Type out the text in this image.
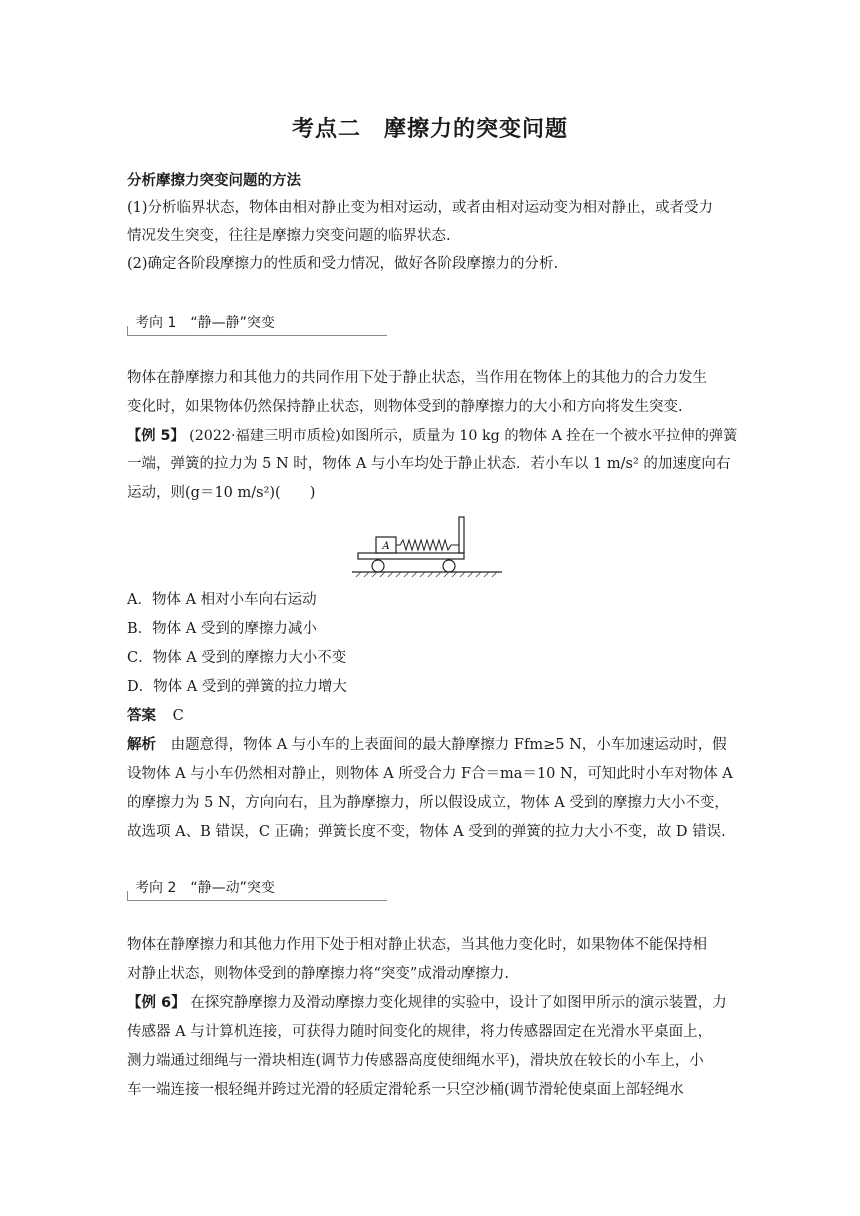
考点二　摩擦力的突变问题
分析摩擦力突变问题的方法
(1)分析临界状态，物体由相对静止变为相对运动，或者由相对运动变为相对静止，或者受力
情况发生突变，往往是摩擦力突变问题的临界状态.
(2)确定各阶段摩擦力的性质和受力情况，做好各阶段摩擦力的分析.
考向 1　“静—静”突变
物体在静摩擦力和其他力的共同作用下处于静止状态，当作用在物体上的其他力的合力发生
变化时，如果物体仍然保持静止状态，则物体受到的静摩擦力的大小和方向将发生突变.
【例 5】 (2022·福建三明市质检)如图所示，质量为 10 kg 的物体 A 拴在一个被水平拉伸的弹簧
一端，弹簧的拉力为 5 N 时，物体 A 与小车均处于静止状态．若小车以 1 m/s² 的加速度向右
运动，则(g＝10 m/s²)(　　)
A
A．物体 A 相对小车向右运动
B．物体 A 受到的摩擦力减小
C．物体 A 受到的摩擦力大小不变
D．物体 A 受到的弹簧的拉力增大
答案 C
解析 由题意得，物体 A 与小车的上表面间的最大静摩擦力 Ffm≥5 N，小车加速运动时，假
设物体 A 与小车仍然相对静止，则物体 A 所受合力 F合＝ma＝10 N，可知此时小车对物体 A
的摩擦力为 5 N，方向向右，且为静摩擦力，所以假设成立，物体 A 受到的摩擦力大小不变，
故选项 A、B 错误，C 正确；弹簧长度不变，物体 A 受到的弹簧的拉力大小不变，故 D 错误.
考向 2　“静—动”突变
物体在静摩擦力和其他力作用下处于相对静止状态，当其他力变化时，如果物体不能保持相
对静止状态，则物体受到的静摩擦力将“突变”成滑动摩擦力.
【例 6】 在探究静摩擦力及滑动摩擦力变化规律的实验中，设计了如图甲所示的演示装置，力
传感器 A 与计算机连接，可获得力随时间变化的规律，将力传感器固定在光滑水平桌面上，
测力端通过细绳与一滑块相连(调节力传感器高度使细绳水平)，滑块放在较长的小车上，小
车一端连接一根轻绳并跨过光滑的轻质定滑轮系一只空沙桶(调节滑轮使桌面上部轻绳水
